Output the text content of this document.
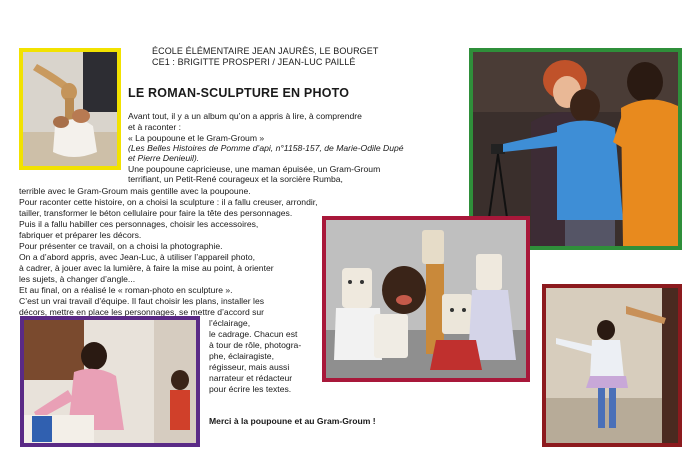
ÉCOLE ÉLÉMENTAIRE JEAN JAURÈS, LE BOURGET
CE1 : BRIGITTE PROSPERI / JEAN-LUC PAILLÉ
LE ROMAN-SCULPTURE EN PHOTO
Avant tout, il y a un album qu’on a appris à lire, à comprendre
et à raconter :
« La poupoune et le Gram-Groum »
(Les Belles Histoires de Pomme d’api, n°1158-157, de Marie-Odile Dupé
et Pierre Denieuil).
Une poupoune capricieuse, une maman épuisée, un Gram-Groum
terrifiant, un Petit-René courageux et la sorcière Rumba,
terrible avec le Gram-Groum mais gentille avec la poupoune.
Pour raconter cette histoire, on a choisi la sculpture : il a fallu creuser, arrondir,
tailler, transformer le béton cellulaire pour faire la tête des personnages.
Puis il a fallu habiller ces personnages, choisir les accessoires,
fabriquer et préparer les décors.
Pour présenter ce travail, on a choisi la photographie.
On a d’abord appris, avec Jean-Luc, à utiliser l’appareil photo,
à cadrer, à jouer avec la lumière, à faire la mise au point, à orienter
les sujets, à changer d’angle...
Et au final, on a réalisé le « roman-photo en sculpture ».
C’est un vrai travail d’équipe. Il faut choisir les plans, installer les
décors, mettre en place les personnages, se mettre d’accord sur
l’éclairage,
le cadrage. Chacun est
à tour de rôle, photogra-
phe, éclairagiste,
régisseur, mais aussi
narrateur et rédacteur
pour écrire les textes.
Merci à la poupoune et au Gram-Groum !
